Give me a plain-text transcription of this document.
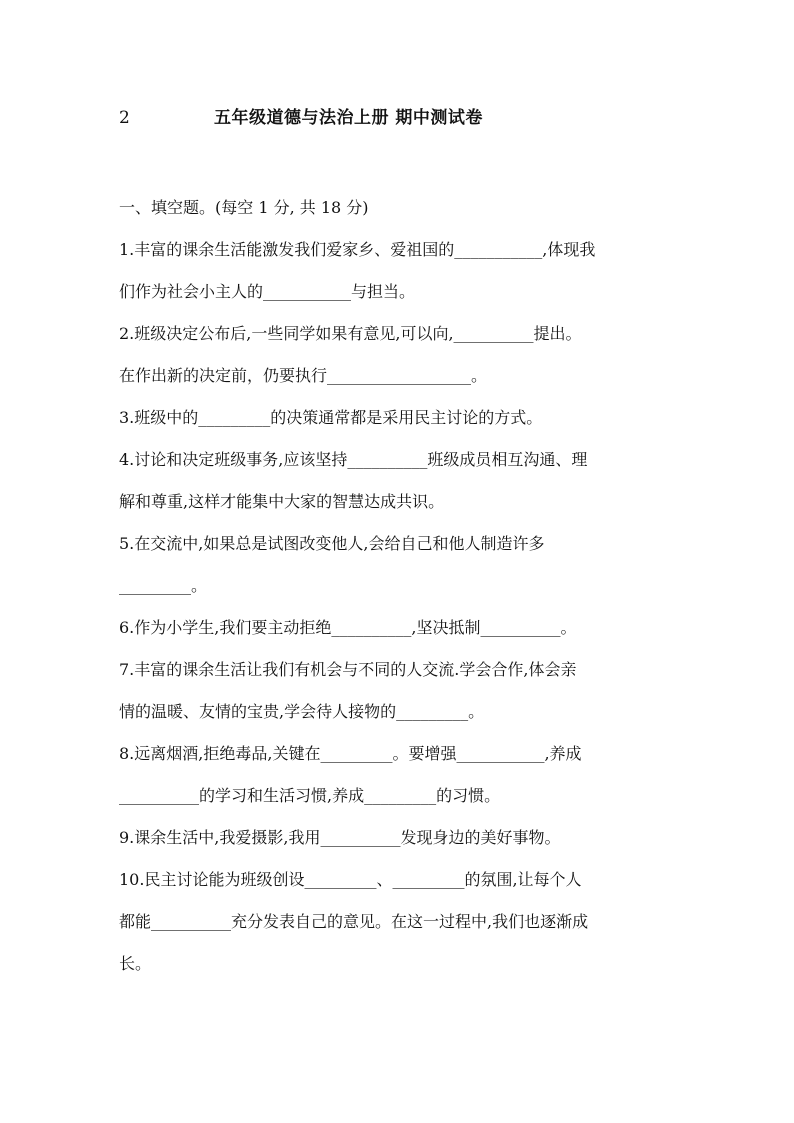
2	五年级道德与法治上册 期中测试卷
一、填空题。(每空 1 分, 共 18 分)

1.丰富的课余生活能激发我们爱家乡、爱祖国的___________,体现我

们作为社会小主人的___________与担当。

2.班级决定公布后,一些同学如果有意见,可以向,__________提出。

在作出新的决定前，仍要执行__________________。

3.班级中的_________的决策通常都是采用民主讨论的方式。

4.讨论和决定班级事务,应该坚持__________班级成员相互沟通、理

解和尊重,这样才能集中大家的智慧达成共识。

5.在交流中,如果总是试图改变他人,会给自己和他人制造许多

_________。

6.作为小学生,我们要主动拒绝__________,坚决抵制__________。

7.丰富的课余生活让我们有机会与不同的人交流.学会合作,体会亲

情的温暖、友情的宝贵,学会待人接物的_________。

8.远离烟酒,拒绝毒品,关键在_________。要增强___________,养成

__________的学习和生活习惯,养成_________的习惯。

9.课余生活中,我爱摄影,我用__________发现身边的美好事物。

10.民主讨论能为班级创设_________、_________的氛围,让每个人

都能__________充分发表自己的意见。在这一过程中,我们也逐渐成

长。
